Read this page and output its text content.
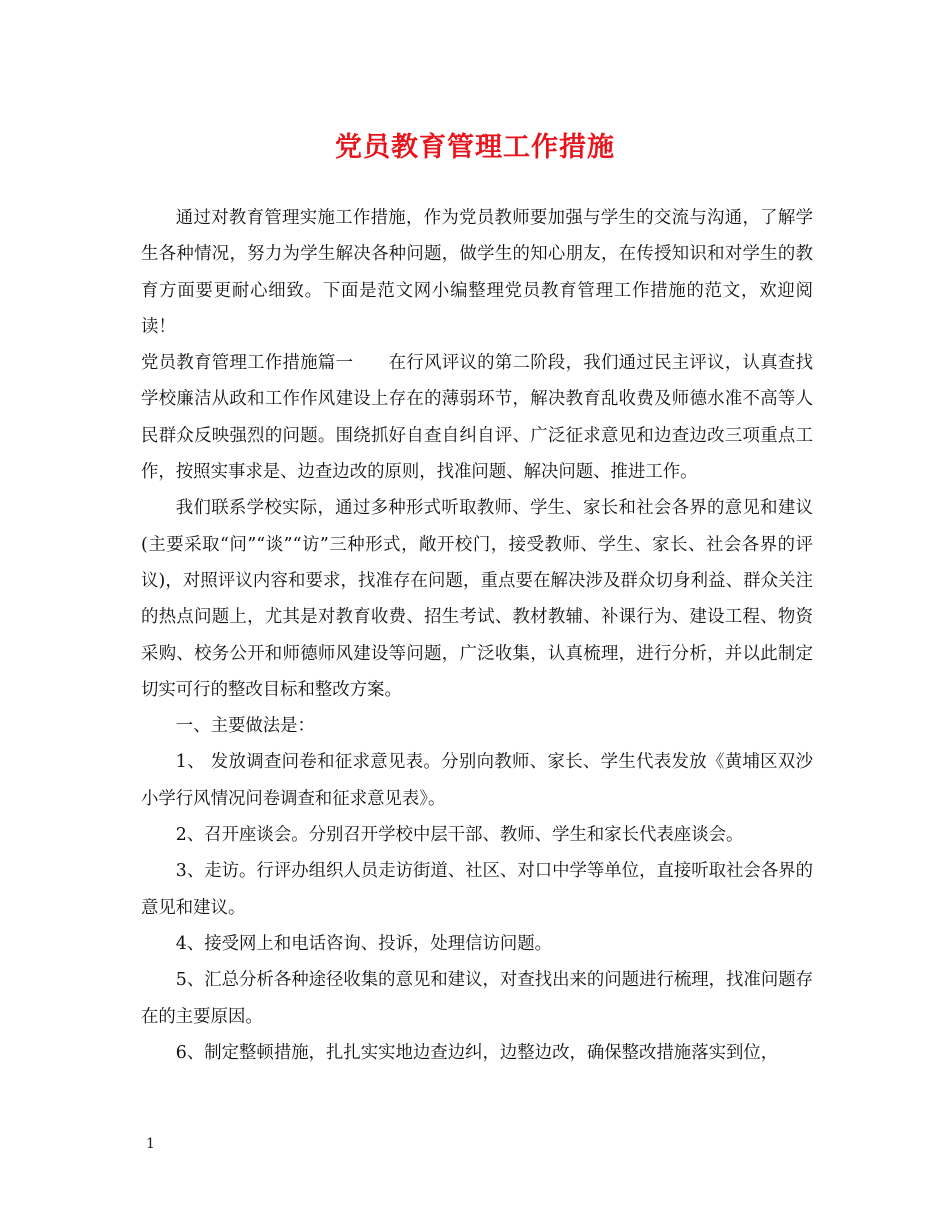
党员教育管理工作措施

通过对教育管理实施工作措施，作为党员教师要加强与学生的交流与沟通，了解学生各种情况，努力为学生解决各种问题，做学生的知心朋友，在传授知识和对学生的教育方面要更耐心细致。下面是范文网小编整理党员教育管理工作措施的范文，欢迎阅读！

党员教育管理工作措施篇一　　在行风评议的第二阶段，我们通过民主评议，认真查找学校廉洁从政和工作作风建设上存在的薄弱环节，解决教育乱收费及师德水准不高等人民群众反映强烈的问题。围绕抓好自查自纠自评、广泛征求意见和边查边改三项重点工作，按照实事求是、边查边改的原则，找准问题、解决问题、推进工作。

我们联系学校实际，通过多种形式听取教师、学生、家长和社会各界的意见和建议(主要采取“问”“谈”“访”三种形式，敞开校门，接受教师、学生、家长、社会各界的评议)，对照评议内容和要求，找准存在问题，重点要在解决涉及群众切身利益、群众关注的热点问题上，尤其是对教育收费、招生考试、教材教辅、补课行为、建设工程、物资采购、校务公开和师德师风建设等问题，广泛收集，认真梳理，进行分析，并以此制定切实可行的整改目标和整改方案。

一、主要做法是：

1、 发放调查问卷和征求意见表。分别向教师、家长、学生代表发放《黄埔区双沙小学行风情况问卷调查和征求意见表》。

2、召开座谈会。分别召开学校中层干部、教师、学生和家长代表座谈会。

3、走访。行评办组织人员走访街道、社区、对口中学等单位，直接听取社会各界的意见和建议。

4、接受网上和电话咨询、投诉，处理信访问题。

5、汇总分析各种途径收集的意见和建议，对查找出来的问题进行梳理，找准问题存在的主要原因。

6、制定整顿措施，扎扎实实地边查边纠，边整边改，确保整改措施落实到位，

1
